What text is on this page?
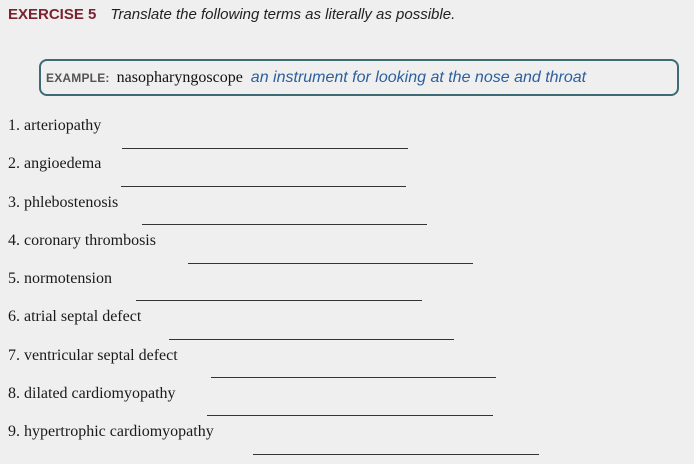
EXERCISE 5 Translate the following terms as literally as possible.
EXAMPLE: nasopharyngoscope an instrument for looking at the nose and throat
1. arteriopathy
2. angioedema
3. phlebostenosis
4. coronary thrombosis
5. normotension
6. atrial septal defect
7. ventricular septal defect
8. dilated cardiomyopathy
9. hypertrophic cardiomyopathy
